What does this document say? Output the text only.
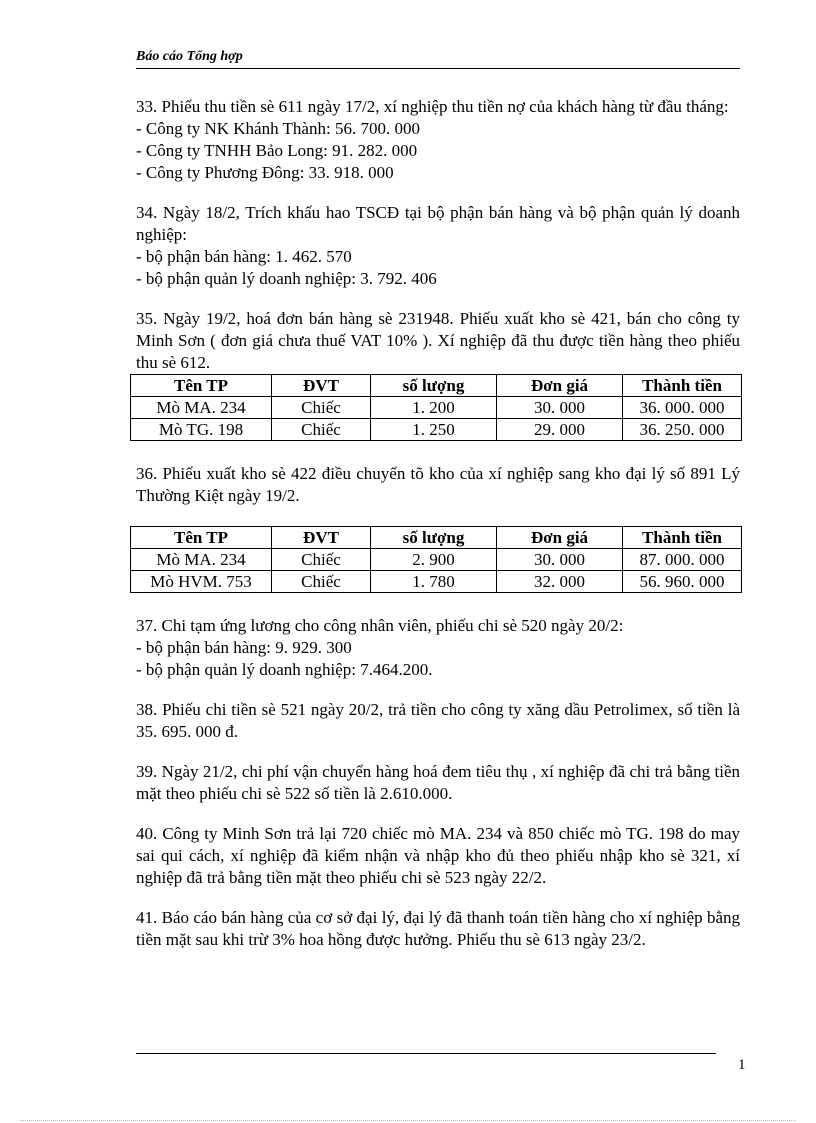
Báo cáo Tổng hợp

33. Phiếu thu tiền sè 611 ngày 17/2, xí nghiệp thu tiền nợ của khách hàng từ đầu tháng:

- Công ty NK Khánh Thành: 56. 700. 000

- Công ty TNHH Bảo Long: 91. 282. 000

- Công ty Phương Đông: 33. 918. 000

34. Ngày 18/2, Trích khấu hao TSCĐ tại bộ phận bán hàng và bộ phận quản lý doanh nghiệp:

- bộ phận bán hàng: 1. 462. 570

- bộ phận quản lý doanh nghiệp: 3. 792. 406

35. Ngày 19/2, hoá đơn bán hàng sè 231948. Phiếu xuất kho sè 421, bán cho công ty Minh Sơn ( đơn giá chưa thuế VAT 10% ). Xí nghiệp đã thu được tiền hàng theo phiếu thu sè 612.

Tên TP	ĐVT	số lượng	Đơn giá	Thành tiền
Mò MA. 234	Chiếc	1. 200	30. 000	36. 000. 000
Mò TG. 198	Chiếc	1. 250	29. 000	36. 250. 000

36. Phiếu xuất kho sè 422 điều chuyển tõ kho của xí nghiệp sang kho đại lý số 891 Lý Thường Kiệt ngày 19/2.

Tên TP	ĐVT	số lượng	Đơn giá	Thành tiền
Mò MA. 234	Chiếc	2. 900	30. 000	87. 000. 000
Mò HVM. 753	Chiếc	1. 780	32. 000	56. 960. 000

37. Chi tạm ứng lương cho công nhân viên, phiếu chi sè 520 ngày 20/2:

- bộ phận bán hàng: 9. 929. 300

- bộ phận quản lý doanh nghiệp: 7.464.200.

38. Phiếu chi tiền sè 521 ngày 20/2, trả tiền cho công ty xăng dầu Petrolimex, số tiền là 35. 695. 000 đ.

39. Ngày 21/2, chi phí vận chuyển hàng hoá đem tiêu thụ , xí nghiệp đã chi trả bằng tiền mặt theo phiếu chi sè 522 số tiền là 2.610.000.

40. Công ty Minh Sơn trả lại 720 chiếc mò MA. 234 và 850 chiếc mò TG. 198 do may sai qui cách, xí nghiệp đã kiểm nhận và nhập kho đủ theo phiếu nhập kho sè 321, xí nghiệp đã trả bằng tiền mặt theo phiếu chi sè 523 ngày 22/2.

41. Báo cáo bán hàng của cơ sở đại lý, đại lý đã thanh toán tiền hàng cho xí nghiệp bằng tiền mặt sau khi trừ 3% hoa hồng được hưởng. Phiếu thu sè 613 ngày 23/2.

1
